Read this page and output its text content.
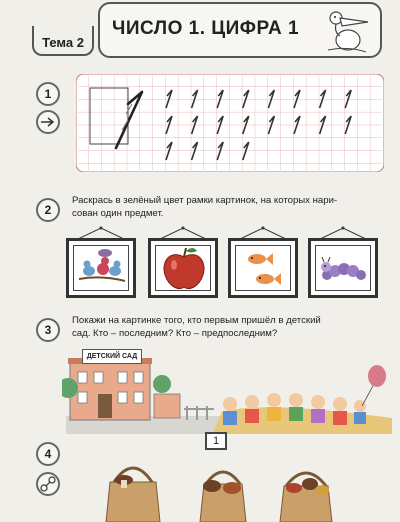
Тема 2
ЧИСЛО 1. ЦИФРА 1
1
2
Раскрась в зелёный цвет рамки картинок, на которых нари-
сован один предмет.
3
Покажи на картинке того, кто первым пришёл в детский
сад. Кто – последним? Кто – предпоследним?
ДЕТСКИЙ САД
1
4
